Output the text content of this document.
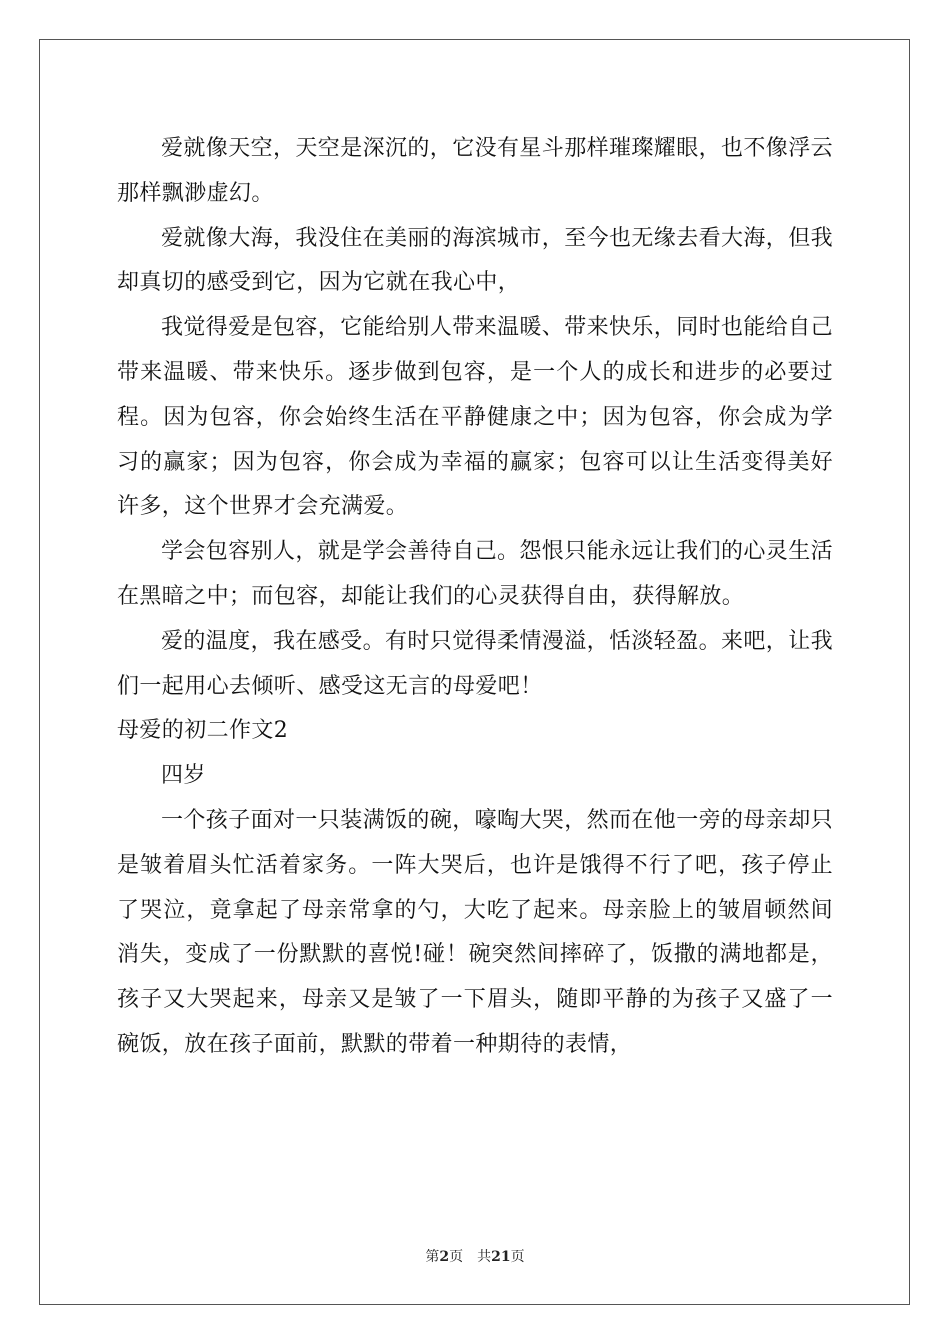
爱就像天空，天空是深沉的，它没有星斗那样璀璨耀眼，也不像浮云那样飘渺虚幻。

爱就像大海，我没住在美丽的海滨城市，至今也无缘去看大海，但我却真切的感受到它，因为它就在我心中，

我觉得爱是包容，它能给别人带来温暖、带来快乐，同时也能给自己带来温暖、带来快乐。逐步做到包容，是一个人的成长和进步的必要过程。因为包容，你会始终生活在平静健康之中；因为包容，你会成为学习的赢家；因为包容，你会成为幸福的赢家；包容可以让生活变得美好许多，这个世界才会充满爱。

学会包容别人，就是学会善待自己。怨恨只能永远让我们的心灵生活在黑暗之中；而包容，却能让我们的心灵获得自由，获得解放。

爱的温度，我在感受。有时只觉得柔情漫溢，恬淡轻盈。来吧，让我们一起用心去倾听、感受这无言的母爱吧！

母爱的初二作文2

四岁

一个孩子面对一只装满饭的碗，嚎啕大哭，然而在他一旁的母亲却只是皱着眉头忙活着家务。一阵大哭后，也许是饿得不行了吧，孩子停止了哭泣，竟拿起了母亲常拿的勺，大吃了起来。母亲脸上的皱眉顿然间消失，变成了一份默默的喜悦!碰！碗突然间摔碎了，饭撒的满地都是，孩子又大哭起来，母亲又是皱了一下眉头，随即平静的为孩子又盛了一碗饭，放在孩子面前，默默的带着一种期待的表情，

第2页 共21页
